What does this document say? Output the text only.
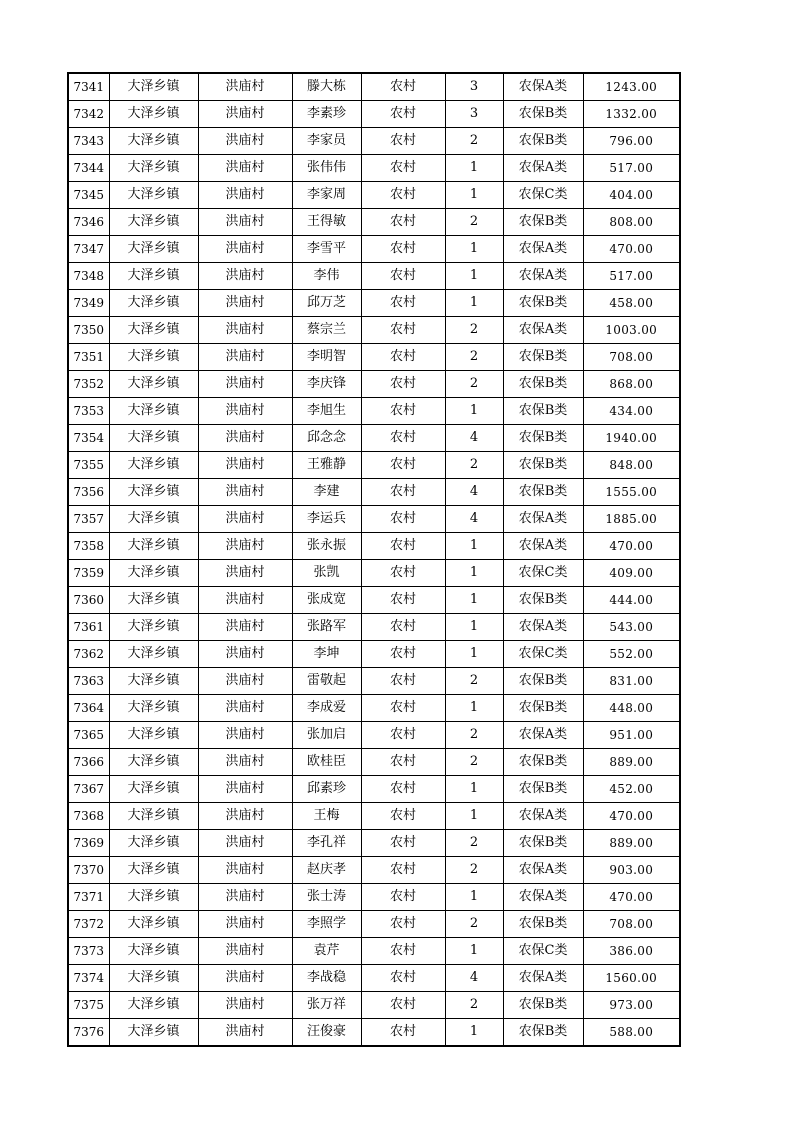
7341	大泽乡镇	洪庙村	滕大栋	农村	3	农保A类	1243.00
7342	大泽乡镇	洪庙村	李素珍	农村	3	农保B类	1332.00
7343	大泽乡镇	洪庙村	李家员	农村	2	农保B类	796.00
7344	大泽乡镇	洪庙村	张伟伟	农村	1	农保A类	517.00
7345	大泽乡镇	洪庙村	李家周	农村	1	农保C类	404.00
7346	大泽乡镇	洪庙村	王得敏	农村	2	农保B类	808.00
7347	大泽乡镇	洪庙村	李雪平	农村	1	农保A类	470.00
7348	大泽乡镇	洪庙村	李伟	农村	1	农保A类	517.00
7349	大泽乡镇	洪庙村	邱万芝	农村	1	农保B类	458.00
7350	大泽乡镇	洪庙村	蔡宗兰	农村	2	农保A类	1003.00
7351	大泽乡镇	洪庙村	李明智	农村	2	农保B类	708.00
7352	大泽乡镇	洪庙村	李庆锋	农村	2	农保B类	868.00
7353	大泽乡镇	洪庙村	李旭生	农村	1	农保B类	434.00
7354	大泽乡镇	洪庙村	邱念念	农村	4	农保B类	1940.00
7355	大泽乡镇	洪庙村	王雅静	农村	2	农保B类	848.00
7356	大泽乡镇	洪庙村	李建	农村	4	农保B类	1555.00
7357	大泽乡镇	洪庙村	李运兵	农村	4	农保A类	1885.00
7358	大泽乡镇	洪庙村	张永振	农村	1	农保A类	470.00
7359	大泽乡镇	洪庙村	张凯	农村	1	农保C类	409.00
7360	大泽乡镇	洪庙村	张成宽	农村	1	农保B类	444.00
7361	大泽乡镇	洪庙村	张路军	农村	1	农保A类	543.00
7362	大泽乡镇	洪庙村	李坤	农村	1	农保C类	552.00
7363	大泽乡镇	洪庙村	雷敬起	农村	2	农保B类	831.00
7364	大泽乡镇	洪庙村	李成爱	农村	1	农保B类	448.00
7365	大泽乡镇	洪庙村	张加启	农村	2	农保A类	951.00
7366	大泽乡镇	洪庙村	欧桂臣	农村	2	农保B类	889.00
7367	大泽乡镇	洪庙村	邱素珍	农村	1	农保B类	452.00
7368	大泽乡镇	洪庙村	王梅	农村	1	农保A类	470.00
7369	大泽乡镇	洪庙村	李孔祥	农村	2	农保B类	889.00
7370	大泽乡镇	洪庙村	赵庆孝	农村	2	农保A类	903.00
7371	大泽乡镇	洪庙村	张士涛	农村	1	农保A类	470.00
7372	大泽乡镇	洪庙村	李照学	农村	2	农保B类	708.00
7373	大泽乡镇	洪庙村	袁芹	农村	1	农保C类	386.00
7374	大泽乡镇	洪庙村	李战稳	农村	4	农保A类	1560.00
7375	大泽乡镇	洪庙村	张万祥	农村	2	农保B类	973.00
7376	大泽乡镇	洪庙村	汪俊豪	农村	1	农保B类	588.00
